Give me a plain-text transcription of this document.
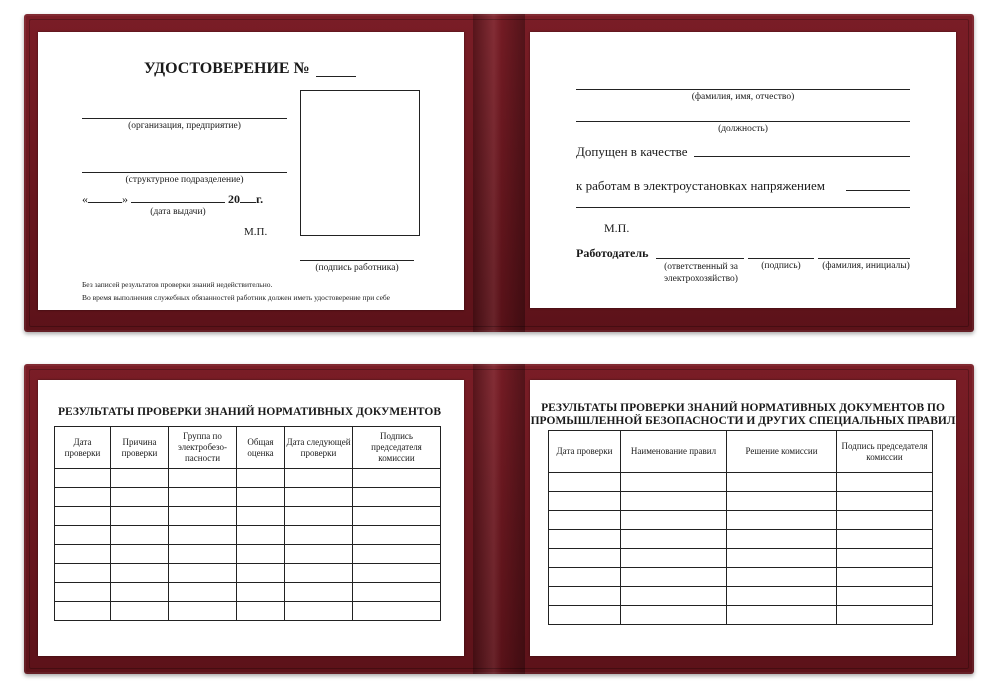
УДОСТОВЕРЕНИЕ №
(организация, предприятие)
(структурное подразделение)
«	»	20 г.
(дата выдачи)
М.П.
(подпись работника)
Без записей результатов проверки знаний недействительно.
Во время выполнения служебных обязанностей работник должен иметь удостоверение при себе
(фамилия, имя, отчество)
(должность)
Допущен в качестве
к работам в электроустановках напряжением
М.П.
Работодатель
(ответственный за
электрохозяйство)
(подпись)	(фамилия, инициалы)
РЕЗУЛЬТАТЫ ПРОВЕРКИ ЗНАНИЙ НОРМАТИВНЫХ ДОКУМЕНТОВ
Дата проверки	Причина проверки	Группа по электробезо-пасности	Общая оценка	Дата следующей проверки	Подпись председателя комиссии

РЕЗУЛЬТАТЫ ПРОВЕРКИ ЗНАНИЙ НОРМАТИВНЫХ ДОКУМЕНТОВ ПО
ПРОМЫШЛЕННОЙ БЕЗОПАСНОСТИ И ДРУГИХ СПЕЦИАЛЬНЫХ ПРАВИЛ
Дата проверки	Наименование правил	Решение комиссии	Подпись председателя комиссии
